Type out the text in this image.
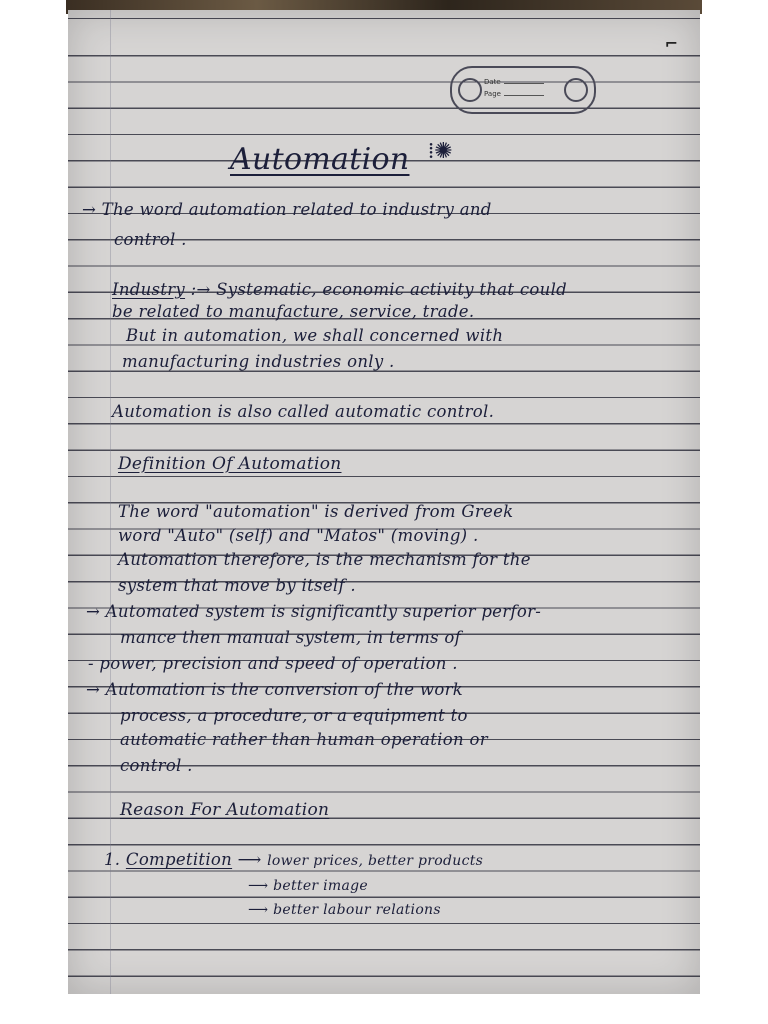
⌐
Date
Page
Automation ⁞✺
→ The word automation related to industry and
control .
Industry :→ Systematic, economic activity that could
be related to manufacture, service, trade.
But in automation, we shall concerned with
manufacturing industries only .
Automation is also called automatic control.
Definition Of Automation
The word "automation" is derived from Greek
word "Auto" (self) and "Matos" (moving) .
Automation therefore, is the mechanism for the
system that move by itself .
→ Automated system is significantly superior perfor-
mance then manual system, in terms of
- power, precision and speed of operation .
→ Automation is the conversion of the work
process, a procedure, or a equipment to
automatic rather than human operation or
control .
Reason For Automation
1. Competition ⟶ lower prices, better products
⟶ better image
⟶ better labour relations
